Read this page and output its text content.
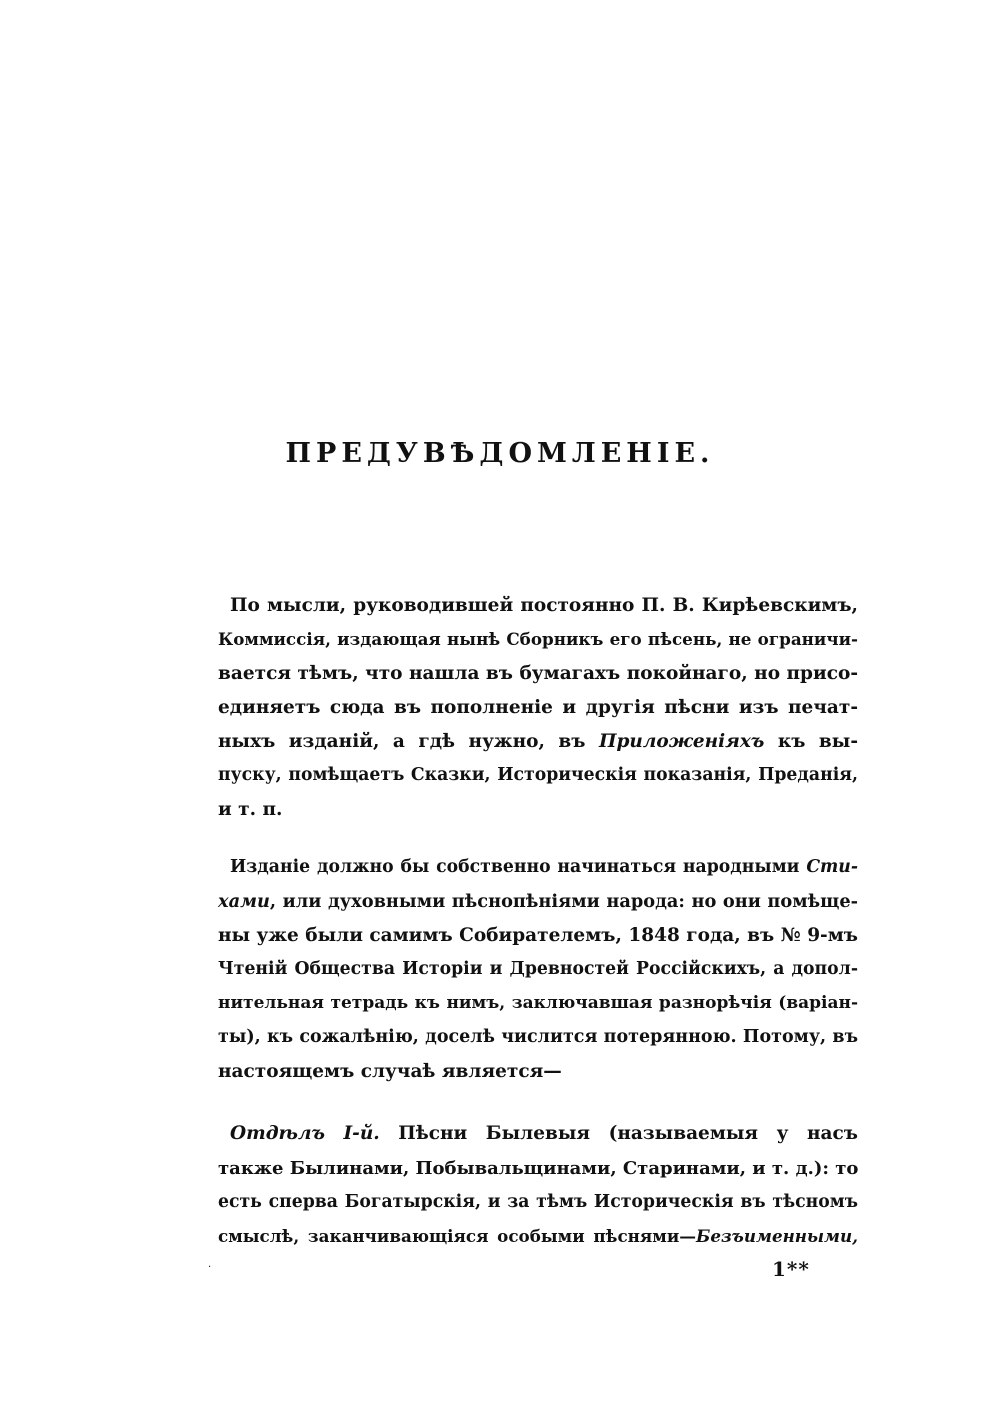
ПРЕДУВѢДОМЛЕНІЕ.
По мысли, руководившей постоянно П. В. Кирѣевскимъ,
Коммиссія, издающая нынѣ Сборникъ его пѣсень, не ограничи-
вается тѣмъ, что нашла въ бумагахъ покойнаго, но присо-
единяетъ сюда въ пополненіе и другія пѣсни изъ печат-
ныхъ изданій, а гдѣ нужно, въ Приложеніяхъ къ вы-
пуску, помѣщаетъ Сказки, Историческія показанія, Преданія,
и т. п.
Изданіе должно бы собственно начинаться народными Сти-
хами, или духовными пѣснопѣніями народа: но они помѣще-
ны уже были самимъ Собирателемъ, 1848 года, въ № 9-мъ
Чтеній Общества Исторіи и Древностей Россійскихъ, а допол-
нительная тетрадь къ нимъ, заключавшая разнорѣчія (варіан-
ты), къ сожалѣнію, доселѣ числится потерянною. Потому, въ
настоящемъ случаѣ является—
Отдѣлъ I-й. Пѣсни Былевыя (называемыя у насъ
также Былинами, Побывальщинами, Старинами, и т. д.): то
есть сперва Богатырскія, и за тѣмъ Историческія въ тѣсномъ
смыслѣ, заканчивающіяся особыми пѣснями—Безъименными,
·	1**
